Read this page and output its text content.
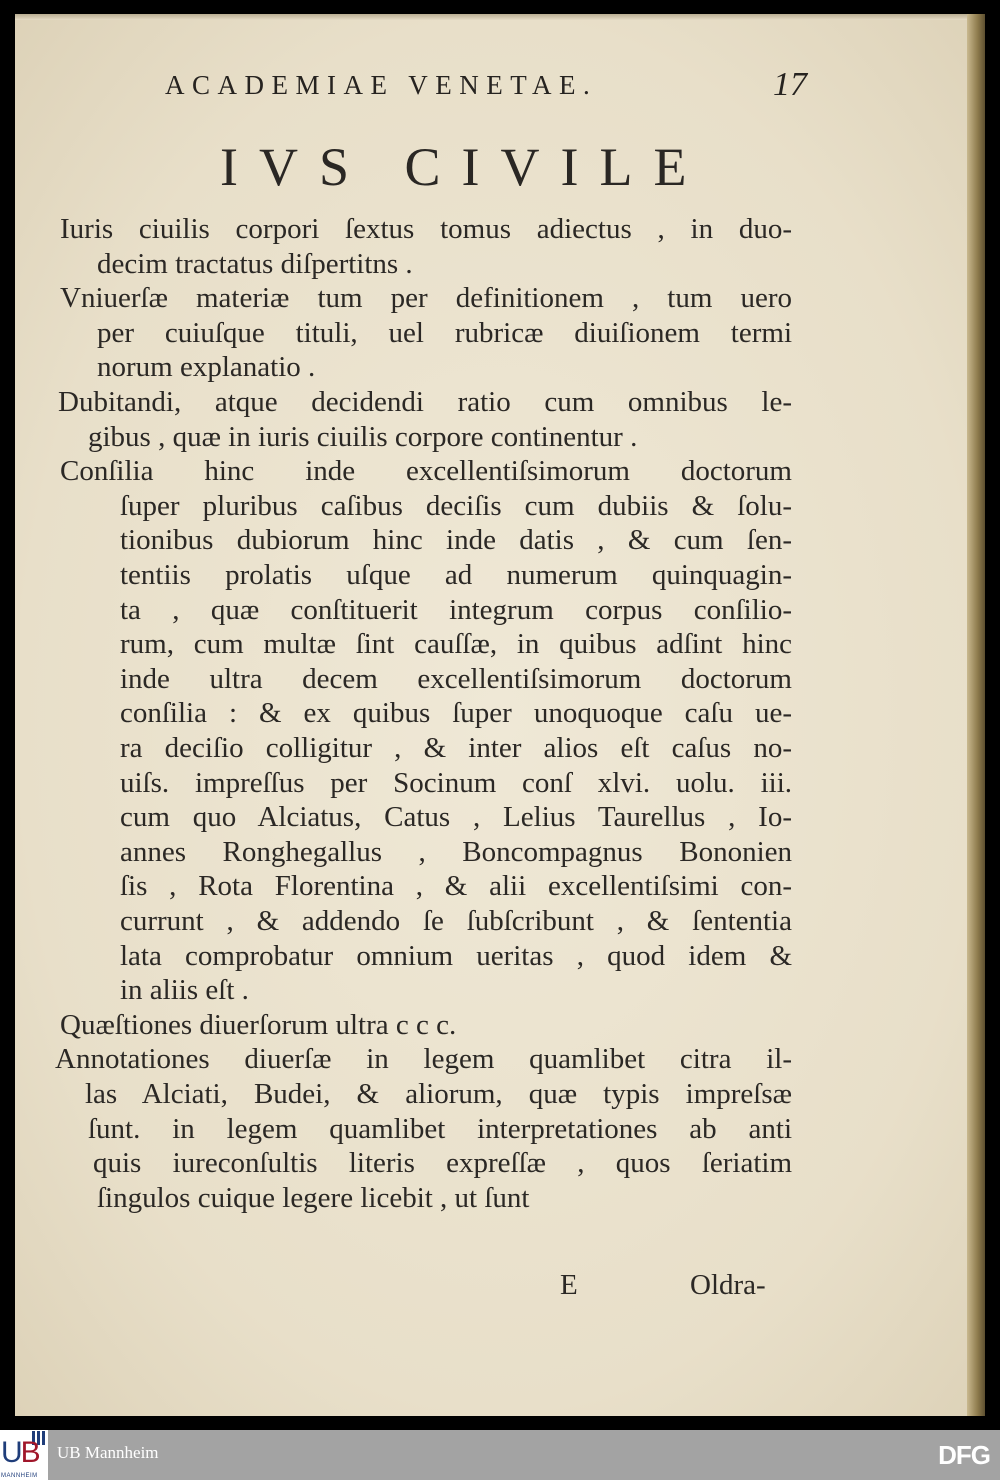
ACADEMIAE VENETAE.	17
IVS CIVILE
Iuris ciuilis corpori ſextus tomus adiectus , in duo-
decim tractatus diſpertitns .
Vniuerſæ materiæ tum per definitionem , tum uero
per cuiuſque tituli, uel rubricæ diuiſionem termi
norum explanatio .
Dubitandi, atque decidendi ratio cum omnibus le-
gibus , quæ in iuris ciuilis corpore continentur .
Conſilia hinc inde excellentiſsimorum doctorum
ſuper pluribus caſibus deciſis cum dubiis & ſolu-
tionibus dubiorum hinc inde datis , & cum ſen-
tentiis prolatis uſque ad numerum quinquagin-
ta , quæ conſtituerit integrum corpus conſilio-
rum, cum multæ ſint cauſſæ, in quibus adſint hinc
inde ultra decem excellentiſsimorum doctorum
conſilia : & ex quibus ſuper unoquoque caſu ue-
ra deciſio colligitur , & inter alios eſt caſus no-
uiſs. impreſſus per Socinum conſ xlvi. uolu. iii.
cum quo Alciatus, Catus , Lelius Taurellus , Io-
annes Ronghegallus , Boncompagnus Bononien
ſis , Rota Florentina , & alii excellentiſsimi con-
currunt , & addendo ſe ſubſcribunt , & ſententia
lata comprobatur omnium ueritas , quod idem &
in aliis eſt .
Quæſtiones diuerſorum ultra c c c.
Annotationes diuerſæ in legem quamlibet citra il-
las Alciati, Budei, & aliorum, quæ typis impreſsæ
ſunt. in legem quamlibet interpretationes ab anti
quis iureconſultis literis expreſſæ , quos ſeriatim
ſingulos cuique legere licebit , ut ſunt
E	Oldra-
UB
MANNHEIM
UB Mannheim	DFG
